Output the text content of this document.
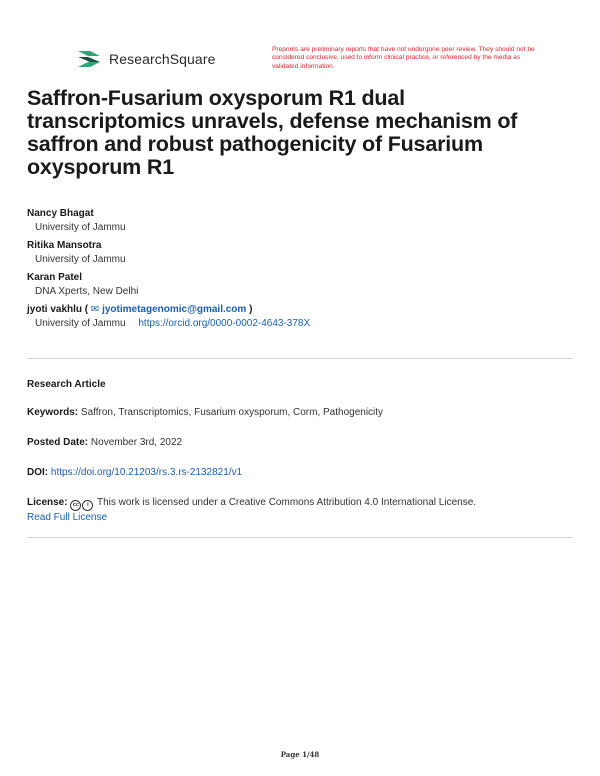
ResearchSquare
Preprints are preliminary reports that have not undergone peer review. They should not be considered conclusive, used to inform clinical practice, or referenced by the media as validated information.
Saffron-Fusarium oxysporum R1 dual transcriptomics unravels, defense mechanism of saffron and robust pathogenicity of Fusarium oxysporum R1
Nancy Bhagat
University of Jammu
Ritika Mansotra
University of Jammu
Karan Patel
DNA Xperts, New Delhi
jyoti vakhlu ( ✉ jyotimetagenomic@gmail.com )
University of Jammu https://orcid.org/0000-0002-4643-378X
Research Article
Keywords: Saffron, Transcriptomics, Fusarium oxysporum, Corm, Pathogenicity
Posted Date: November 3rd, 2022
DOI: https://doi.org/10.21203/rs.3.rs-2132821/v1
License: cc i This work is licensed under a Creative Commons Attribution 4.0 International License.
Read Full License
Page 1/48
